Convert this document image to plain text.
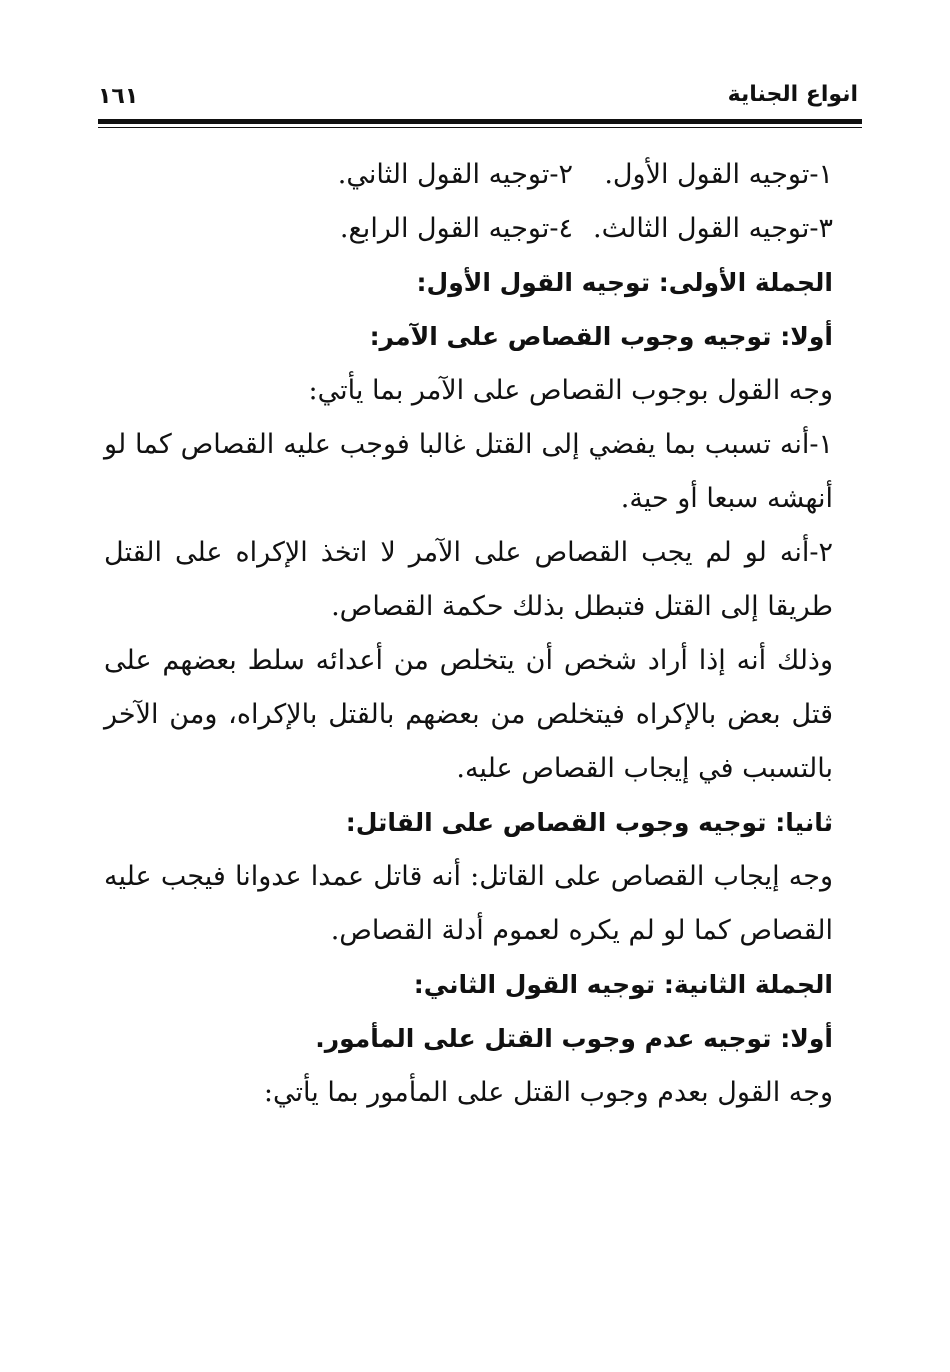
انواع الجناية
١٦١
١-توجيه القول الأول.
٢-توجيه القول الثاني.
٣-توجيه القول الثالث.
٤-توجيه القول الرابع.

الجملة الأولى: توجيه القول الأول:

أولا: توجيه وجوب القصاص على الآمر:

وجه القول بوجوب القصاص على الآمر بما يأتي:

١-أنه تسبب بما يفضي إلى القتل غالبا فوجب عليه القصاص كما لو أنهشه سبعا أو حية.

٢-أنه لو لم يجب القصاص على الآمر لا اتخذ الإكراه على القتل طريقا إلى القتل فتبطل بذلك حكمة القصاص.

وذلك أنه إذا أراد شخص أن يتخلص من أعدائه سلط بعضهم على قتل بعض بالإكراه فيتخلص من بعضهم بالقتل بالإكراه، ومن الآخر بالتسبب في إيجاب القصاص عليه.

ثانيا: توجيه وجوب القصاص على القاتل:

وجه إيجاب القصاص على القاتل: أنه قاتل عمدا عدوانا فيجب عليه القصاص كما لو لم يكره لعموم أدلة القصاص.

الجملة الثانية: توجيه القول الثاني:

أولا: توجيه عدم وجوب القتل على المأمور.

وجه القول بعدم وجوب القتل على المأمور بما يأتي:
